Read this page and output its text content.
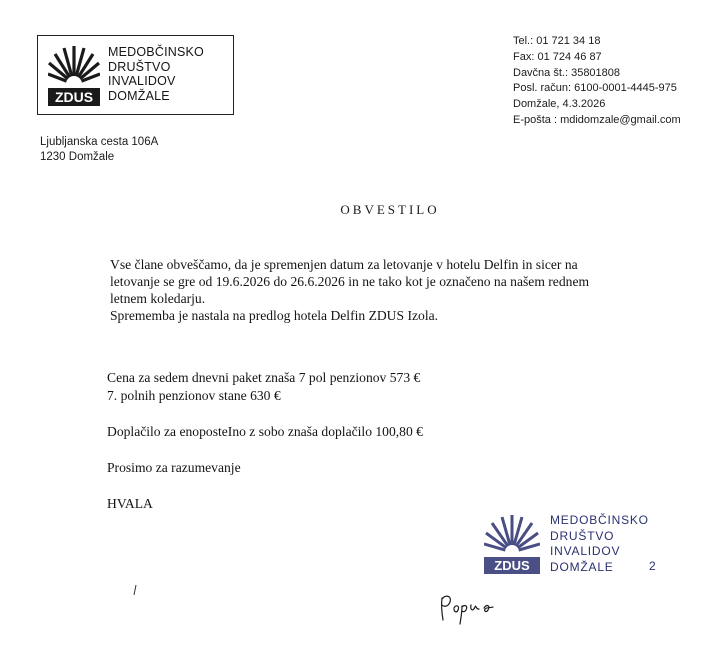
ZDUS
MEDOBČINSKO
DRUŠTVO
INVALIDOV
DOMŽALE
Ljubljanska cesta 106A
1230 Domžale
Tel.: 01 721 34 18
Fax: 01 724 46 87
Davčna št.: 35801808
Posl. račun: 6100-0001-4445-975
Domžale, 4.3.2026
E-pošta : mdidomzale@gmail.com
OBVESTILO
Vse člane obveščamo, da je spremenjen datum za letovanje v hotelu Delfin in sicer na
letovanje se gre od 19.6.2026 do 26.6.2026 in ne tako kot je označeno na našem rednem
letnem koledarju.
Sprememba je nastala na predlog hotela Delfin ZDUS Izola.
Cena za sedem dnevni paket znaša 7 pol penzionov 573 €
7. polnih penzionov stane 630 €
Doplačilo za enoposteIno z sobo znaša doplačilo 100,80 €
Prosimo za razumevanje
HVALA
ZDUS
MEDOBČINSKO
DRUŠTVO
INVALIDOV
DOMŽALE	2
